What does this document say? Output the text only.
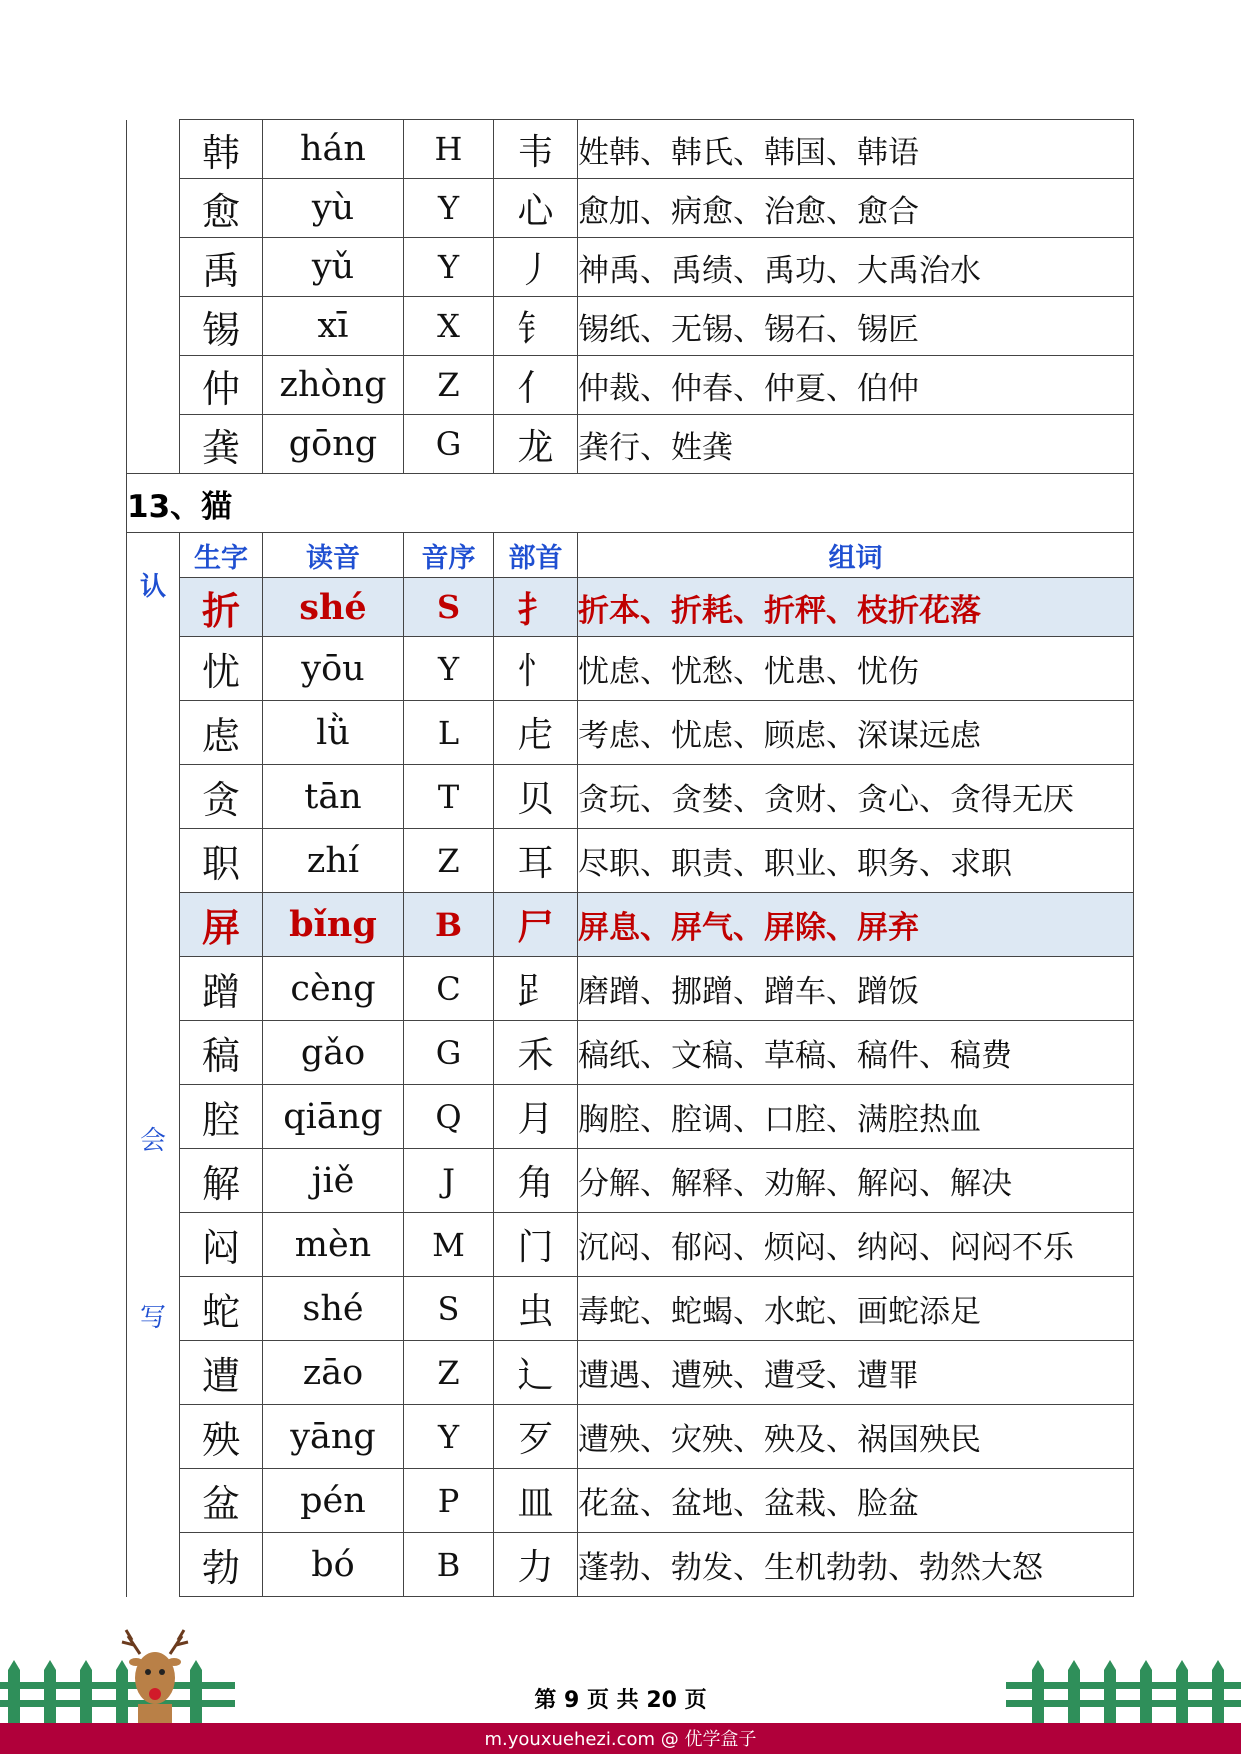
	韩	hán	H	韦	姓韩、韩氏、韩国、韩语
	愈	yù	Y	心	愈加、病愈、治愈、愈合
	禹	yǔ	Y	丿	神禹、禹绩、禹功、大禹治水
	锡	xī	X	钅	锡纸、无锡、锡石、锡匠
	仲	zhòng	Z	亻	仲裁、仲春、仲夏、伯仲
	龚	gōng	G	龙	龚行、姓龚
13、猫					

认	生字	读音	音序	部首	组词
	折	shé	S	扌	折本、折耗、折秤、枝折花落

会
写	忧	yōu	Y	忄	忧虑、忧愁、忧患、忧伤
	虑	lǜ	L	虍	考虑、忧虑、顾虑、深谋远虑
	贪	tān	T	贝	贪玩、贪婪、贪财、贪心、贪得无厌
	职	zhí	Z	耳	尽职、职责、职业、职务、求职
	屏	bǐng	B	尸	屏息、屏气、屏除、屏弃
	蹭	cèng	C	𧾷	磨蹭、挪蹭、蹭车、蹭饭
	稿	gǎo	G	禾	稿纸、文稿、草稿、稿件、稿费
	腔	qiāng	Q	月	胸腔、腔调、口腔、满腔热血
	解	jiě	J	角	分解、解释、劝解、解闷、解决
	闷	mèn	M	门	沉闷、郁闷、烦闷、纳闷、闷闷不乐
	蛇	shé	S	虫	毒蛇、蛇蝎、水蛇、画蛇添足
	遭	zāo	Z	辶	遭遇、遭殃、遭受、遭罪
	殃	yāng	Y	歹	遭殃、灾殃、殃及、祸国殃民
	盆	pén	P	皿	花盆、盆地、盆栽、脸盆
	勃	bó	B	力	蓬勃、勃发、生机勃勃、勃然大怒
第 9 页 共 20 页
m.youxuehezi.com @ 优学盒子
